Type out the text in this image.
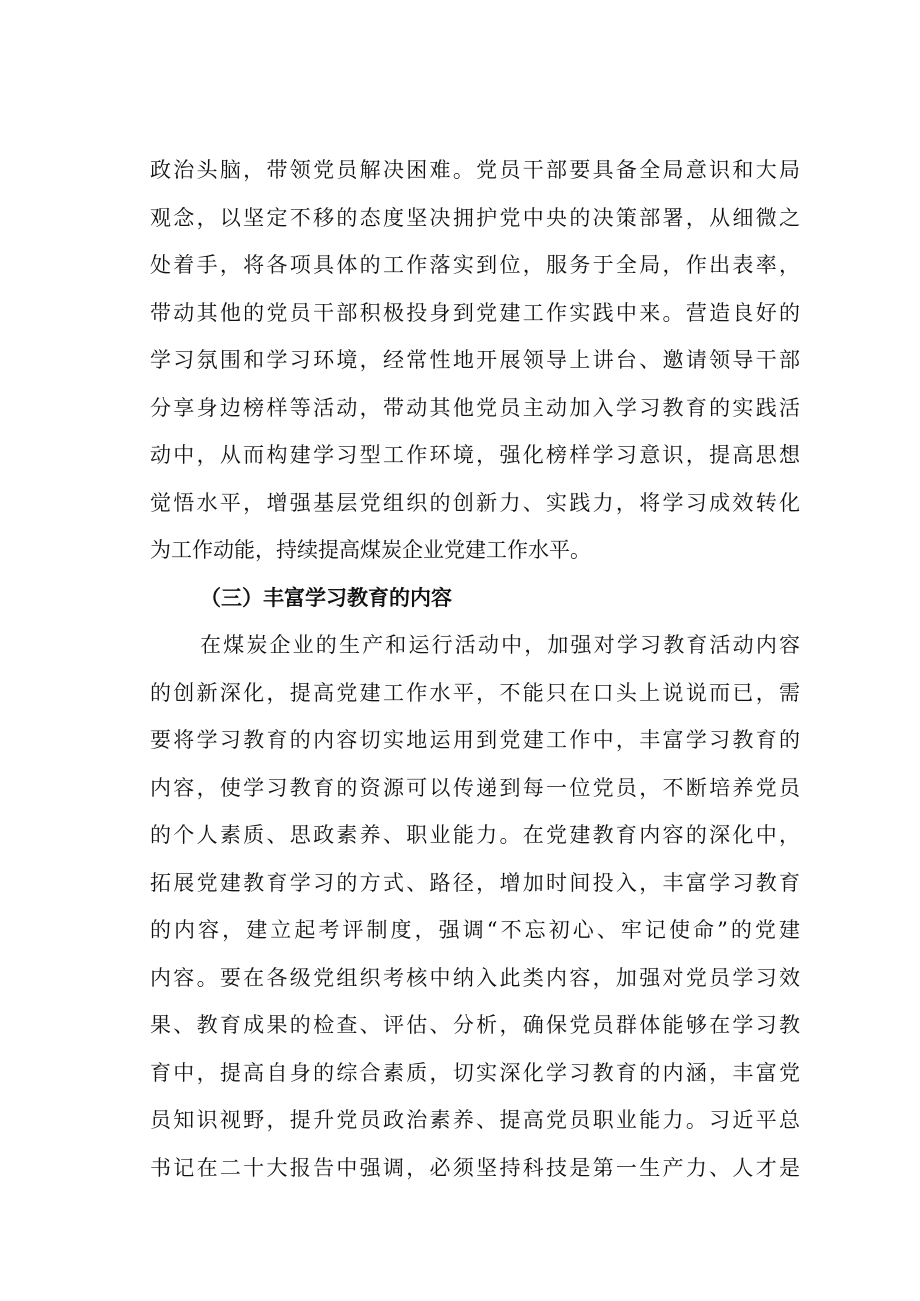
政治头脑，带领党员解决困难。党员干部要具备全局意识和大局
观念，以坚定不移的态度坚决拥护党中央的决策部署，从细微之
处着手，将各项具体的工作落实到位，服务于全局，作出表率，
带动其他的党员干部积极投身到党建工作实践中来。营造良好的
学习氛围和学习环境，经常性地开展领导上讲台、邀请领导干部
分享身边榜样等活动，带动其他党员主动加入学习教育的实践活
动中，从而构建学习型工作环境，强化榜样学习意识，提高思想
觉悟水平，增强基层党组织的创新力、实践力，将学习成效转化
为工作动能，持续提高煤炭企业党建工作水平。
（三）丰富学习教育的内容
在煤炭企业的生产和运行活动中，加强对学习教育活动内容
的创新深化，提高党建工作水平，不能只在口头上说说而已，需
要将学习教育的内容切实地运用到党建工作中，丰富学习教育的
内容，使学习教育的资源可以传递到每一位党员，不断培养党员
的个人素质、思政素养、职业能力。在党建教育内容的深化中，
拓展党建教育学习的方式、路径，增加时间投入，丰富学习教育
的内容，建立起考评制度，强调“不忘初心、牢记使命”的党建
内容。要在各级党组织考核中纳入此类内容，加强对党员学习效
果、教育成果的检查、评估、分析，确保党员群体能够在学习教
育中，提高自身的综合素质，切实深化学习教育的内涵，丰富党
员知识视野，提升党员政治素养、提高党员职业能力。习近平总
书记在二十大报告中强调，必须坚持科技是第一生产力、人才是
